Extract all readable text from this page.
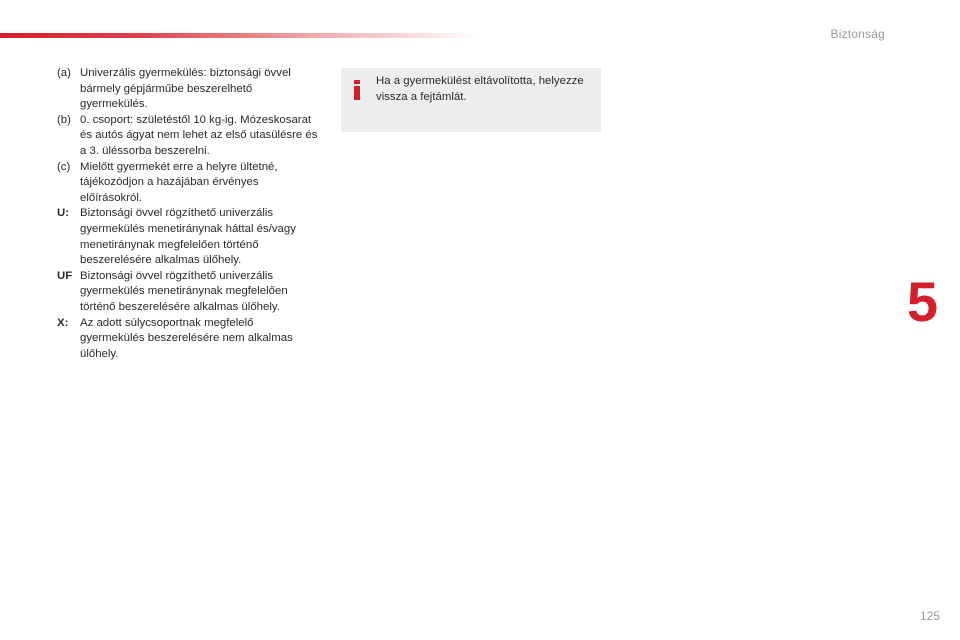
Biztonság
(a) Univerzális gyermekülés: biztonsági övvel bármely gépjárműbe beszerelhető gyermekülés.
(b) 0. csoport: születéstől 10 kg-ig. Mózeskosarat és autós ágyat nem lehet az első utasülésre és a 3. üléssorba beszerelni.
(c) Mielőtt gyermekét erre a helyre ültetné, tájékozódjon a hazájában érvényes előírásokról.
U: Biztonsági övvel rögzíthető univerzális gyermekülés menetiránynak háttal és/vagy menetiránynak megfelelően történő beszerelésére alkalmas ülőhely.
UF Biztonsági övvel rögzíthető univerzális gyermekülés menetiránynak megfelelően történő beszerelésére alkalmas ülőhely.
X: Az adott súlycsoportnak megfelelő gyermekülés beszerelésére nem alkalmas ülőhely.
Ha a gyermekülést eltávolította, helyezze vissza a fejtámlát.
5
125
